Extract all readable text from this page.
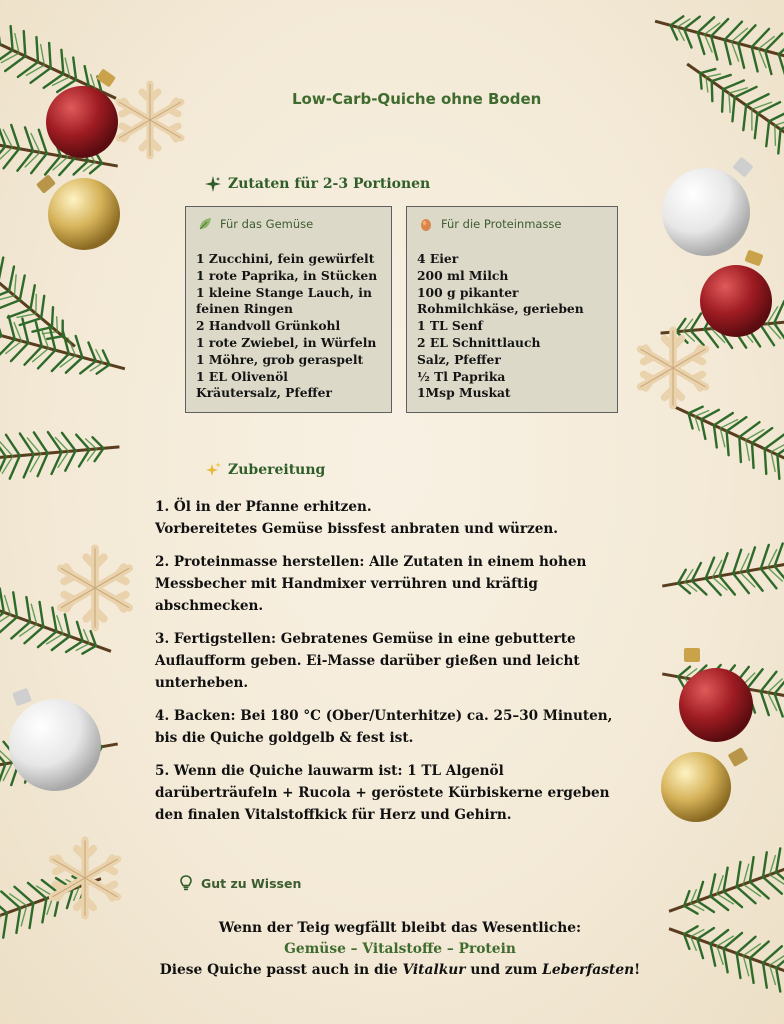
Low-Carb-Quiche ohne Boden
Zutaten für 2-3 Portionen
Für das Gemüse
1 Zucchini, fein gewürfelt
1 rote Paprika, in Stücken
1 kleine Stange Lauch, in
feinen Ringen
2 Handvoll Grünkohl
1 rote Zwiebel, in Würfeln
1 Möhre, grob geraspelt
1 EL Olivenöl
Kräutersalz, Pfeffer
Für die Proteinmasse
4 Eier
200 ml Milch
100 g pikanter
Rohmilchkäse, gerieben
1 TL Senf
2 EL Schnittlauch
Salz, Pfeffer
½ Tl Paprika
1Msp Muskat
Zubereitung
1. Öl in der Pfanne erhitzen.
Vorbereitetes Gemüse bissfest anbraten und würzen.
2. Proteinmasse herstellen: Alle Zutaten in einem hohen Messbecher mit Handmixer verrühren und kräftig abschmecken.
3. Fertigstellen: Gebratenes Gemüse in eine gebutterte Auflaufform geben. Ei-Masse darüber gießen und leicht unterheben.
4. Backen: Bei 180 °C (Ober/Unterhitze) ca. 25–30 Minuten, bis die Quiche goldgelb & fest ist.
5. Wenn die Quiche lauwarm ist: 1 TL Algenöl darüberträufeln + Rucola + geröstete Kürbiskerne ergeben den finalen Vitalstoffkick für Herz und Gehirn.
Gut zu Wissen
Wenn der Teig wegfällt bleibt das Wesentliche:
Gemüse – Vitalstoffe – Protein
Diese Quiche passt auch in die Vitalkur und zum Leberfasten!
